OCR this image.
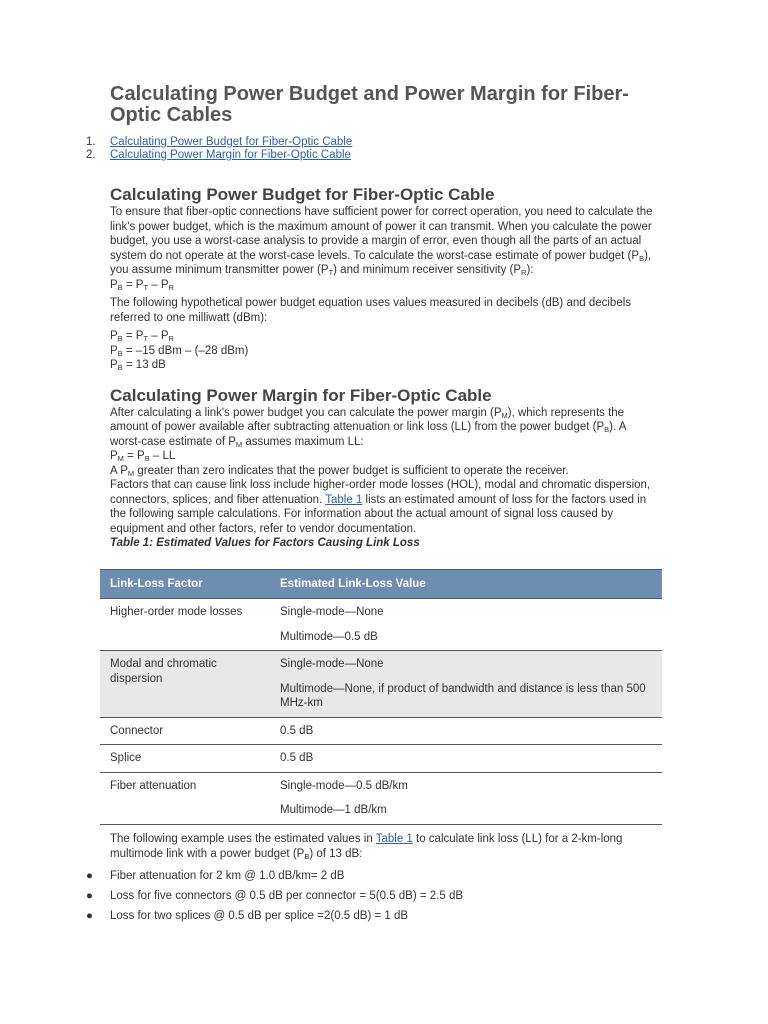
Calculating Power Budget and Power Margin for Fiber-Optic Cables
1. Calculating Power Budget for Fiber-Optic Cable
2. Calculating Power Margin for Fiber-Optic Cable
Calculating Power Budget for Fiber-Optic Cable

To ensure that fiber-optic connections have sufficient power for correct operation, you need to calculate the link's power budget, which is the maximum amount of power it can transmit. When you calculate the power budget, you use a worst-case analysis to provide a margin of error, even though all the parts of an actual system do not operate at the worst-case levels. To calculate the worst-case estimate of power budget $(P_B)$, you assume minimum transmitter power $(P_T)$ and minimum receiver sensitivity $(P_R)$:

$P_B = P_T - P_R$

The following hypothetical power budget equation uses values measured in decibels (dB) and decibels referred to one milliwatt (dBm):

$P_B = P_T - P_R$

$P_B = -15$ dBm – (–28 dBm)

$P_B = 13$ dB

Calculating Power Margin for Fiber-Optic Cable

After calculating a link's power budget you can calculate the power margin $(P_M)$, which represents the amount of power available after subtracting attenuation or link loss (LL) from the power budget $(P_B)$. A worst-case estimate of $P_M$ assumes maximum LL:

$P_M = P_B$ – LL

A $P_M$ greater than zero indicates that the power budget is sufficient to operate the receiver.

Factors that can cause link loss include higher-order mode losses (HOL), modal and chromatic dispersion, connectors, splices, and fiber attenuation. Table 1 lists an estimated amount of loss for the factors used in the following sample calculations. For information about the actual amount of signal loss caused by equipment and other factors, refer to vendor documentation.

Table 1: Estimated Values for Factors Causing Link Loss

Link-Loss Factor	Estimated Link-Loss Value
Higher-order mode losses	Single-mode—None
Multimode—0.5 dB

Modal and chromatic dispersion	Single-mode—None
Multimode—None, if product of bandwidth and distance is less than 500 MHz-km

Connector	0.5 dB
Splice	0.5 dB
Fiber attenuation	Single-mode—0.5 dB/km
Multimode—1 dB/km

The following example uses the estimated values in Table 1 to calculate link loss (LL) for a 2-km-long multimode link with a power budget $(P_B)$ of 13 dB:

● Fiber attenuation for 2 km @ 1.0 dB/km= 2 dB
● Loss for five connectors @ 0.5 dB per connector = 5(0.5 dB) = 2.5 dB
● Loss for two splices @ 0.5 dB per splice =2(0.5 dB) = 1 dB
